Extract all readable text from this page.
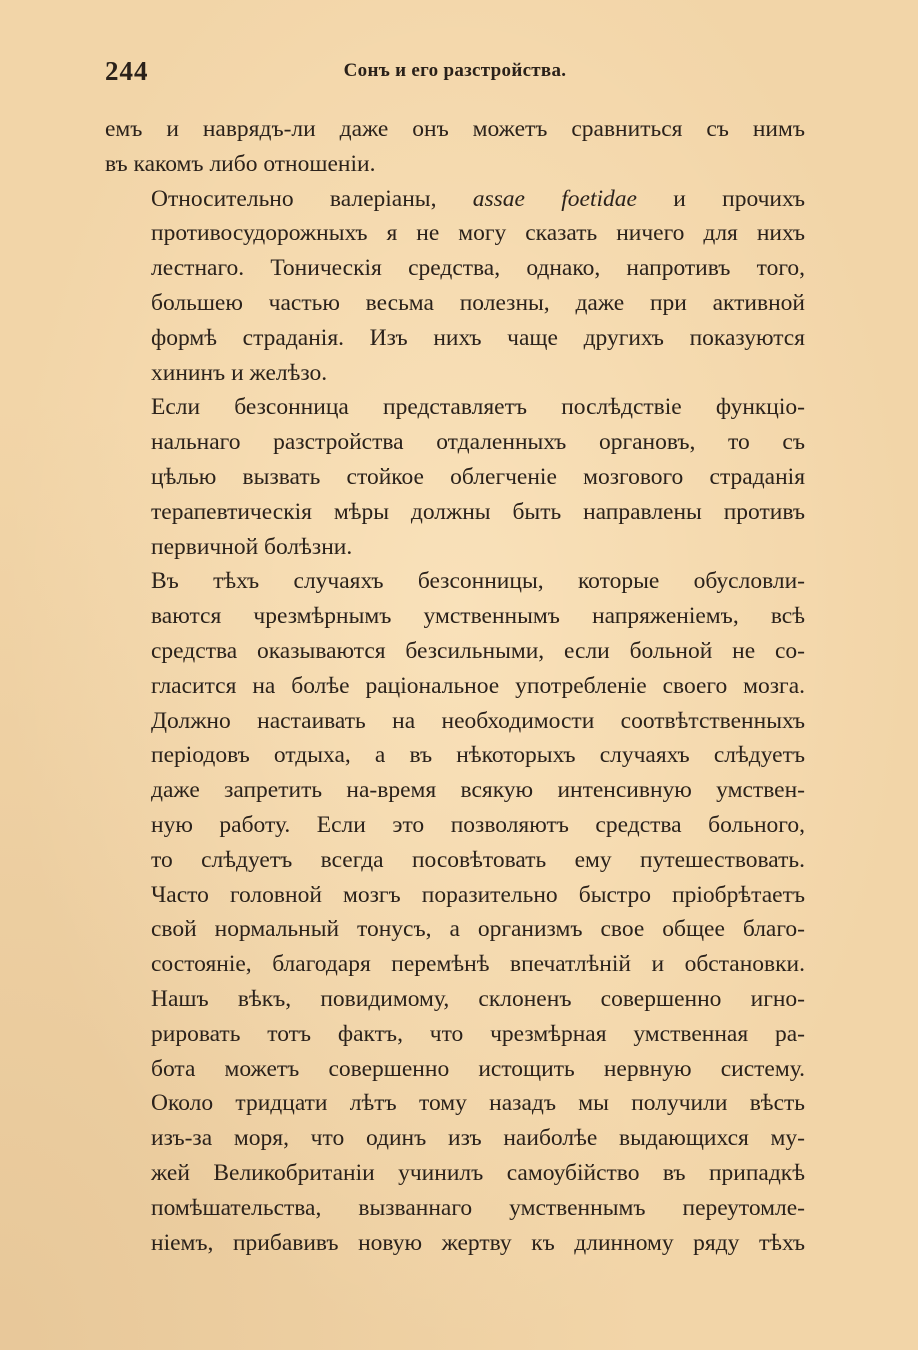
244	Сонъ и его разстройства.

емъ и наврядъ-ли даже онъ можетъ сравниться съ нимъ
въ какомъ либо отношенiи.

Относительно валерiаны, assae foetidae и прочихъ
противосудорожныхъ я не могу сказать ничего для нихъ
лестнаго. Тоническiя средства, однако, напротивъ того,
большею частью весьма полезны, даже при активной
формѣ страданiя. Изъ нихъ чаще другихъ показуются
хининъ и желѣзо.

Если безсонница представляетъ послѣдствiе функцiо-
нальнаго разстройства отдаленныхъ органовъ, то съ
цѣлью вызвать стойкое облегченiе мозгового страданiя
терапевтическiя мѣры должны быть направлены противъ
первичной болѣзни.

Въ тѣхъ случаяхъ безсонницы, которые обусловли-
ваются чрезмѣрнымъ умственнымъ напряженiемъ, всѣ
средства оказываются безсильными, если больной не со-
гласится на болѣе рацiональное употребленiе своего мозга.
Должно настаивать на необходимости соотвѣтственныхъ
перiодовъ отдыха, а въ нѣкоторыхъ случаяхъ слѣдуетъ
даже запретить на-время всякую интенсивную умствен-
ную работу. Если это позволяютъ средства больного,
то слѣдуетъ всегда посовѣтовать ему путешествовать.
Часто головной мозгъ поразительно быстро прiобрѣтаетъ
свой нормальный тонусъ, а организмъ свое общее благо-
состоянiе, благодаря перемѣнѣ впечатлѣнiй и обстановки.

Нашъ вѣкъ, повидимому, склоненъ совершенно игно-
рировать тотъ фактъ, что чрезмѣрная умственная ра-
бота можетъ совершенно истощить нервную систему.
Около тридцати лѣтъ тому назадъ мы получили вѣсть
изъ-за моря, что одинъ изъ наиболѣе выдающихся му-
жей Великобританiи учинилъ самоубiйство въ припадкѣ
помѣшательства, вызваннаго умственнымъ переутомле-
нiемъ, прибавивъ новую жертву къ длинному ряду тѣхъ
